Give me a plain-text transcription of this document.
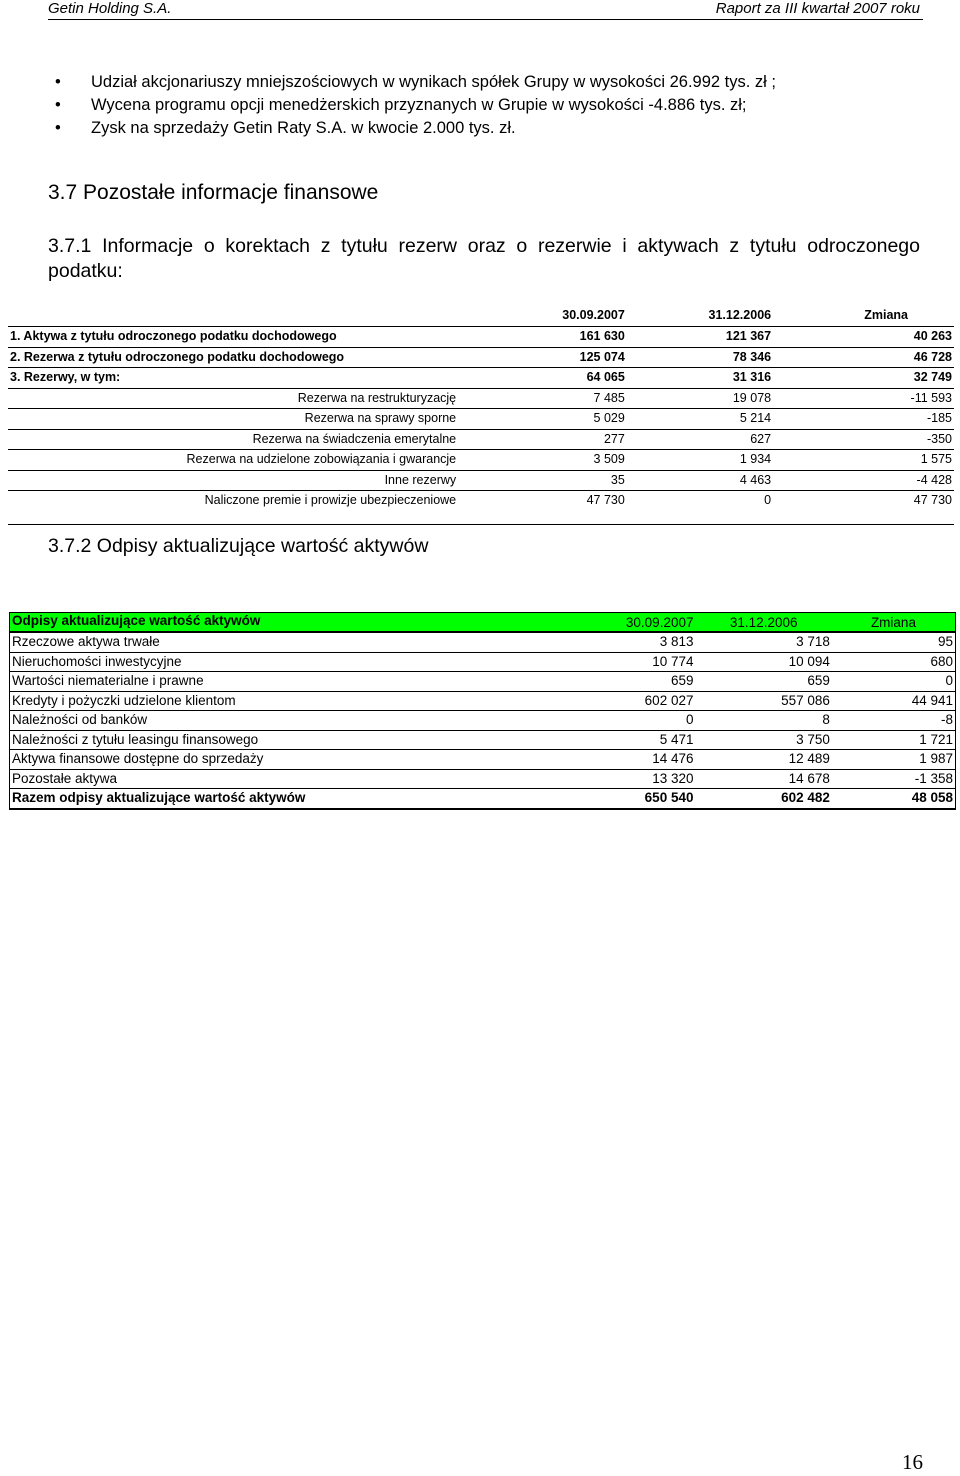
Getin Holding S.A.	Raport za III kwartał 2007 roku
• Udział akcjonariuszy mniejszościowych w wynikach spółek Grupy w wysokości 26.992 tys. zł ;
• Wycena programu opcji menedżerskich przyznanych w Grupie w wysokości -4.886 tys. zł;
• Zysk na sprzedaży Getin Raty S.A. w kwocie 2.000 tys. zł.
3.7 Pozostałe informacje finansowe
3.7.1 Informacje o korektach z tytułu rezerw oraz o rezerwie i aktywach z tytułu odroczonego podatku:
	30.09.2007	31.12.2006	Zmiana
1. Aktywa z tytułu odroczonego podatku dochodowego	161 630	121 367	40 263
2. Rezerwa z tytułu odroczonego podatku dochodowego	125 074	78 346	46 728
3. Rezerwy, w tym:	64 065	31 316	32 749
Rezerwa na restrukturyzację	7 485	19 078	-11 593
Rezerwa na sprawy sporne	5 029	5 214	-185
Rezerwa na świadczenia emerytalne	277	627	-350
Rezerwa na udzielone zobowiązania i gwarancje	3 509	1 934	1 575
Inne rezerwy	35	4 463	-4 428
Naliczone premie i prowizje ubezpieczeniowe	47 730	0	47 730

3.7.2 Odpisy aktualizujące wartość aktywów
Odpisy aktualizujące wartość aktywów	30.09.2007	31.12.2006	Zmiana
Rzeczowe aktywa trwałe	3 813	3 718	95
Nieruchomości inwestycyjne	10 774	10 094	680
Wartości niematerialne i prawne	659	659	0
Kredyty i pożyczki udzielone klientom	602 027	557 086	44 941
Należności od banków	0	8	-8
Należności z tytułu leasingu finansowego	5 471	3 750	1 721
Aktywa finansowe dostępne do sprzedaży	14 476	12 489	1 987
Pozostałe aktywa	13 320	14 678	-1 358
Razem odpisy aktualizujące wartość aktywów	650 540	602 482	48 058
16
